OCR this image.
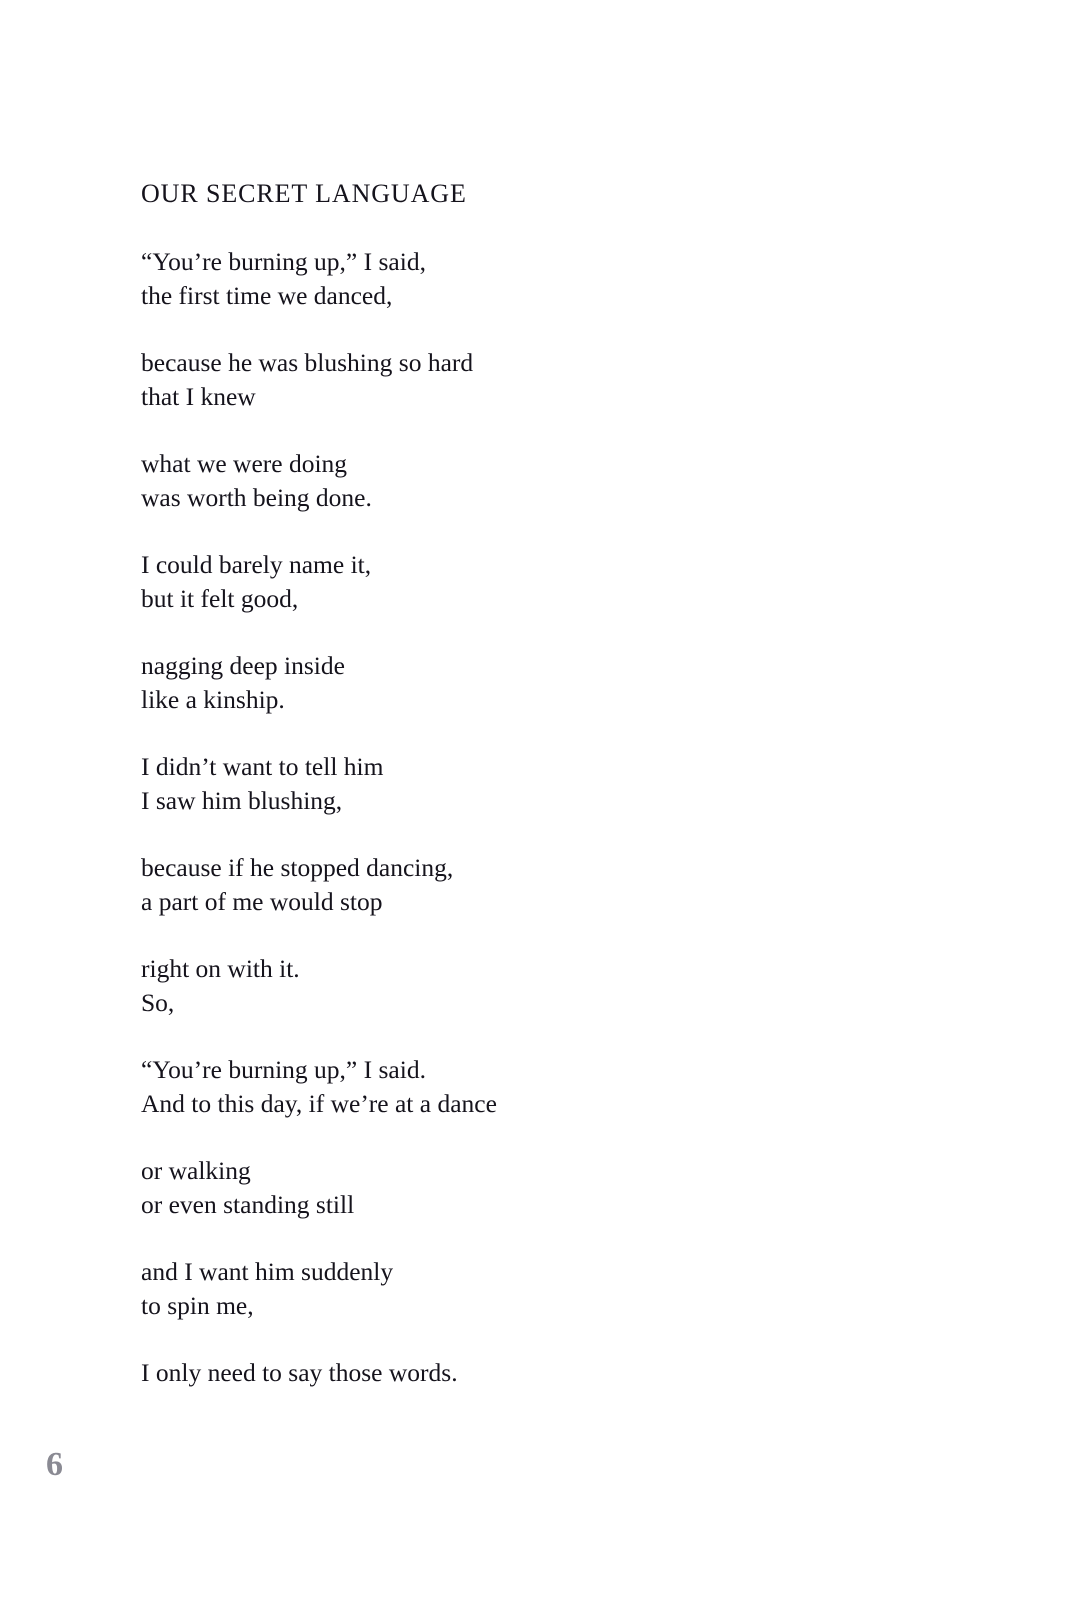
OUR SECRET LANGUAGE
“You’re burning up,” I said,
the first time we danced,
because he was blushing so hard
that I knew
what we were doing
was worth being done.
I could barely name it,
but it felt good,
nagging deep inside
like a kinship.
I didn’t want to tell him
I saw him blushing,
because if he stopped dancing,
a part of me would stop
right on with it.
So,
“You’re burning up,” I said.
And to this day, if we’re at a dance
or walking
or even standing still
and I want him suddenly
to spin me,
I only need to say those words.
6
